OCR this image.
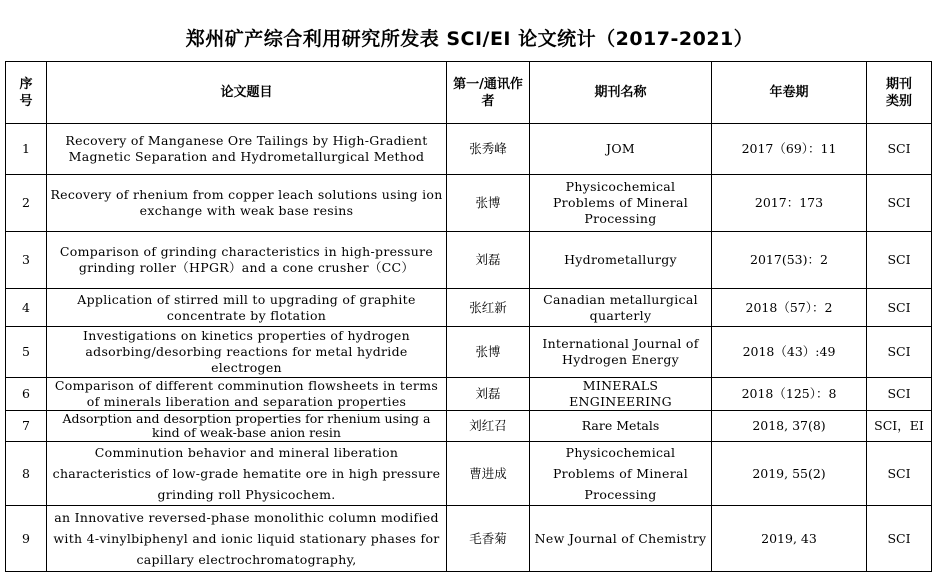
郑州矿产综合利用研究所发表 SCI/EI 论文统计（2017-2021）
序号	论文题目	第一/通讯作者	期刊名称	年卷期	期刊类别
1	Recovery of Manganese Ore Tailings by High-Gradient Magnetic Separation and Hydrometallurgical Method	张秀峰	JOM	2017（69）：11	SCI
2	Recovery of rhenium from copper leach solutions using ion exchange with weak base resins	张博	Physicochemical Problems of Mineral Processing	2017：173	SCI
3	Comparison of grinding characteristics in high-pressure grinding roller（HPGR）and a cone crusher（CC）	刘磊	Hydrometallurgy	2017(53)：2	SCI
4	Application of stirred mill to upgrading of graphite concentrate by flotation	张红新	Canadian metallurgical quarterly	2018（57）：2	SCI
5	Investigations on kinetics properties of hydrogen adsorbing/desorbing reactions for metal hydride electrogen	张博	International Journal of Hydrogen Energy	2018（43）:49	SCI
6	Comparison of different comminution flowsheets in terms of minerals liberation and separation properties	刘磊	MINERALS ENGINEERING	2018（125）：8	SCI
7	Adsorption and desorption properties for rhenium using a kind of weak-base anion resin	刘红召	Rare Metals	2018, 37(8)	SCI，EI
8	Comminution behavior and mineral liberation characteristics of low-grade hematite ore in high pressure grinding roll Physicochem.	曹进成	Physicochemical Problems of Mineral Processing	2019, 55(2)	SCI
9	an Innovative reversed-phase monolithic column modified with 4-vinylbiphenyl and ionic liquid stationary phases for capillary electrochromatography,	毛香菊	New Journal of Chemistry	2019, 43	SCI
